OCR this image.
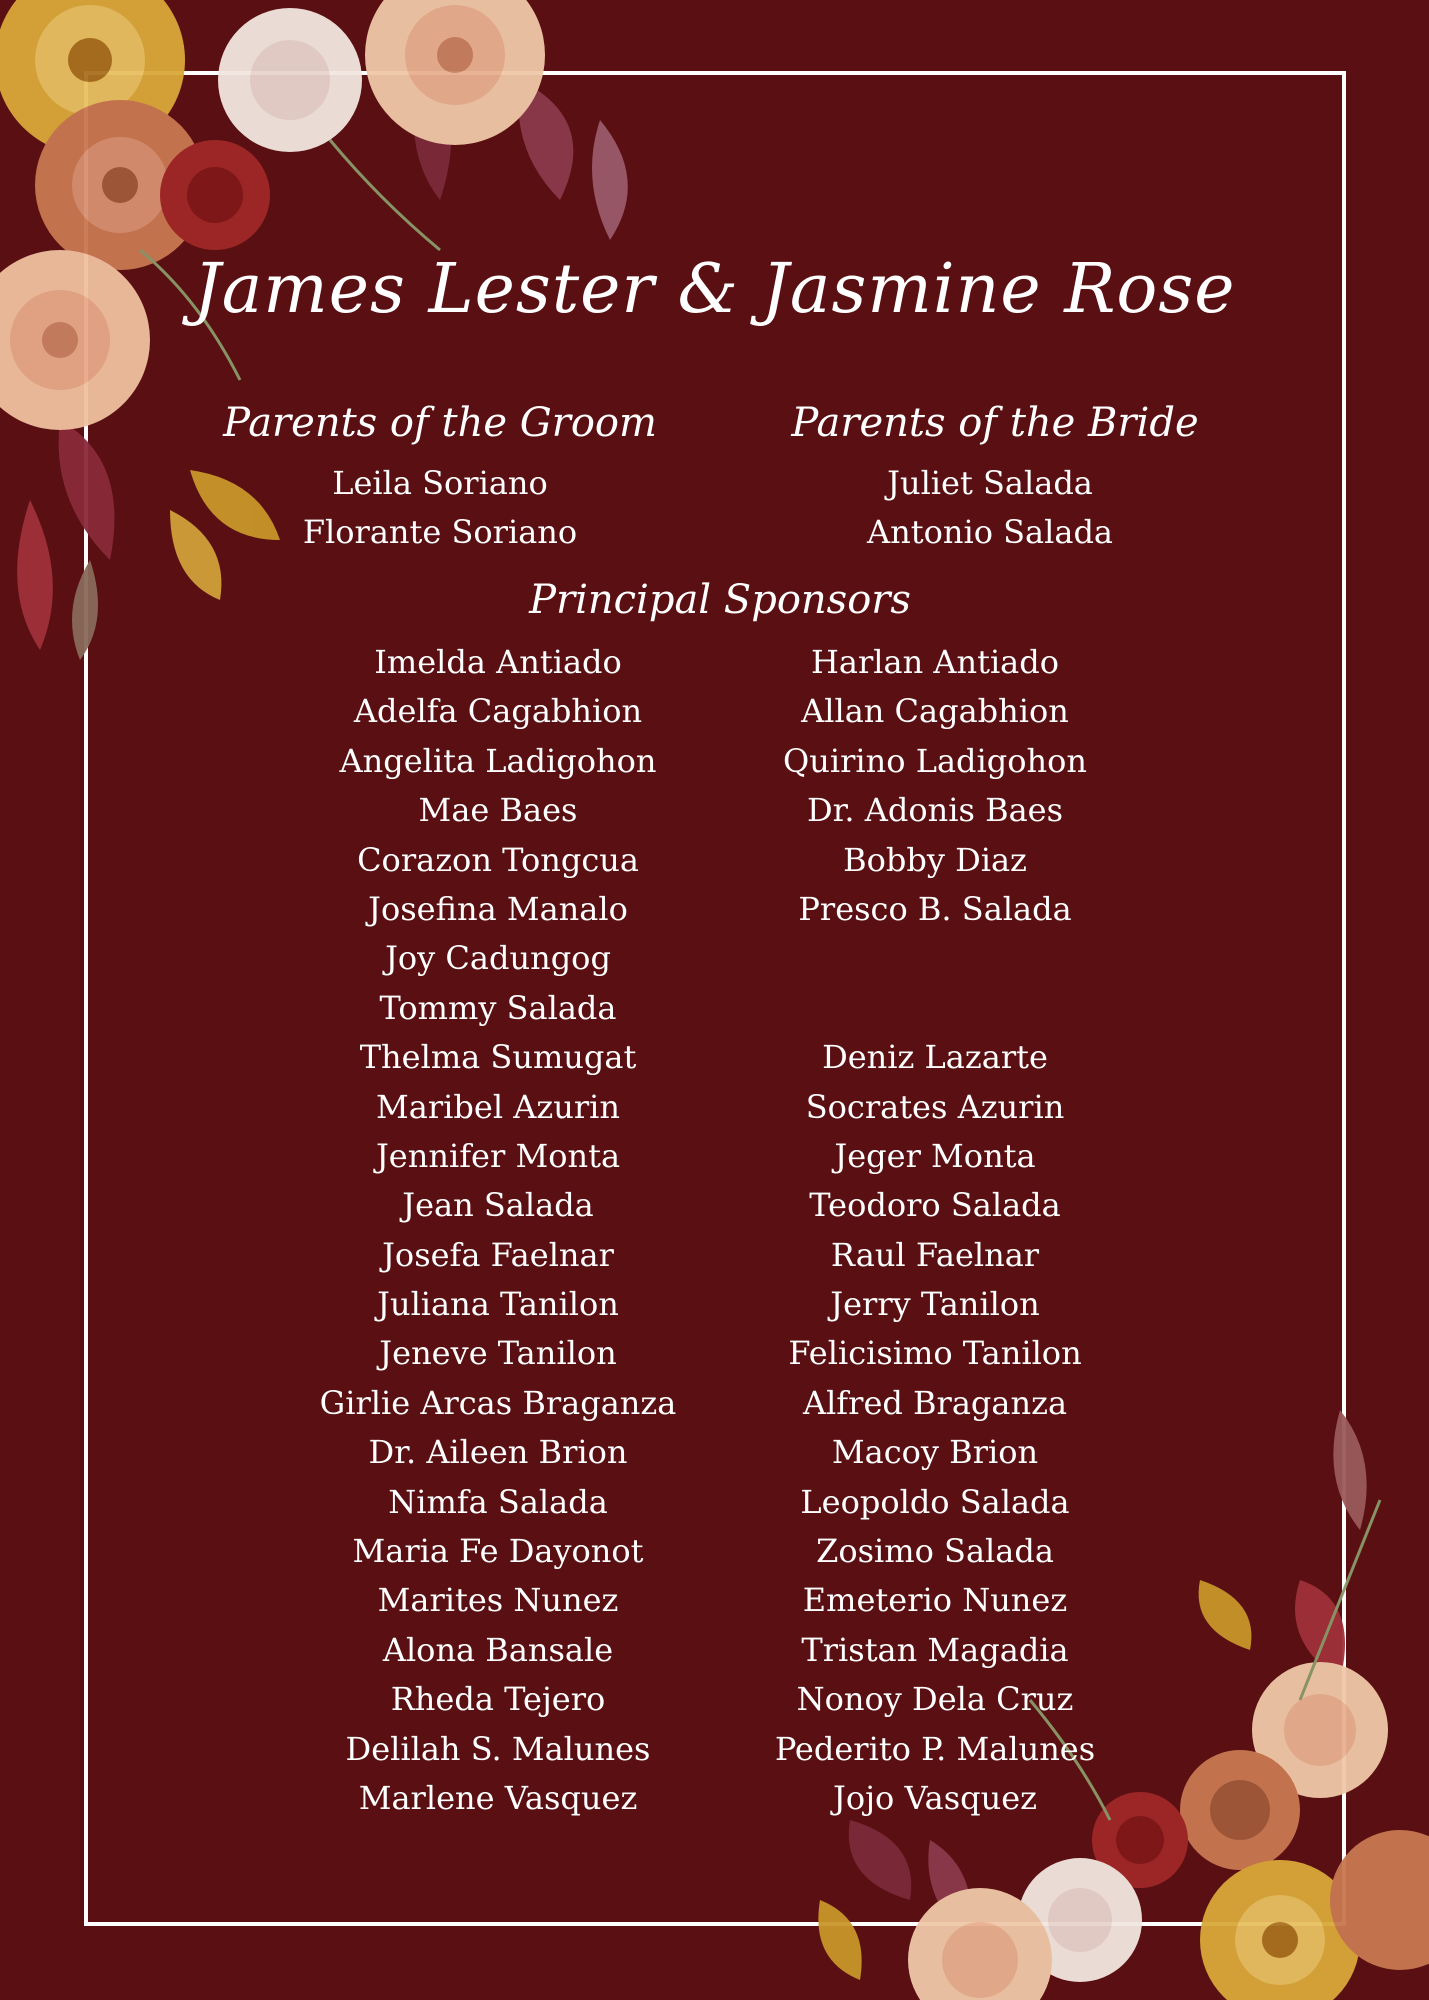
James Lester & Jasmine Rose
Parents of the Groom
Leila Soriano
Florante Soriano
Parents of the Bride
Juliet Salada
Antonio Salada
Principal Sponsors
Imelda Antiado
Adelfa Cagabhion
Angelita Ladigohon
Mae Baes
Corazon Tongcua
Josefina Manalo
Joy Cadungog
Tommy Salada
Thelma Sumugat
Maribel Azurin
Jennifer Monta
Jean Salada
Josefa Faelnar
Juliana Tanilon
Jeneve Tanilon
Girlie Arcas Braganza
Dr. Aileen Brion
Nimfa Salada
Maria Fe Dayonot
Marites Nunez
Alona Bansale
Rheda Tejero
Delilah S. Malunes
Marlene Vasquez
Harlan Antiado
Allan Cagabhion
Quirino Ladigohon
Dr. Adonis Baes
Bobby Diaz
Presco B. Salada
Deniz Lazarte
Socrates Azurin
Jeger Monta
Teodoro Salada
Raul Faelnar
Jerry Tanilon
Felicisimo Tanilon
Alfred Braganza
Macoy Brion
Leopoldo Salada
Zosimo Salada
Emeterio Nunez
Tristan Magadia
Nonoy Dela Cruz
Pederito P. Malunes
Jojo Vasquez
